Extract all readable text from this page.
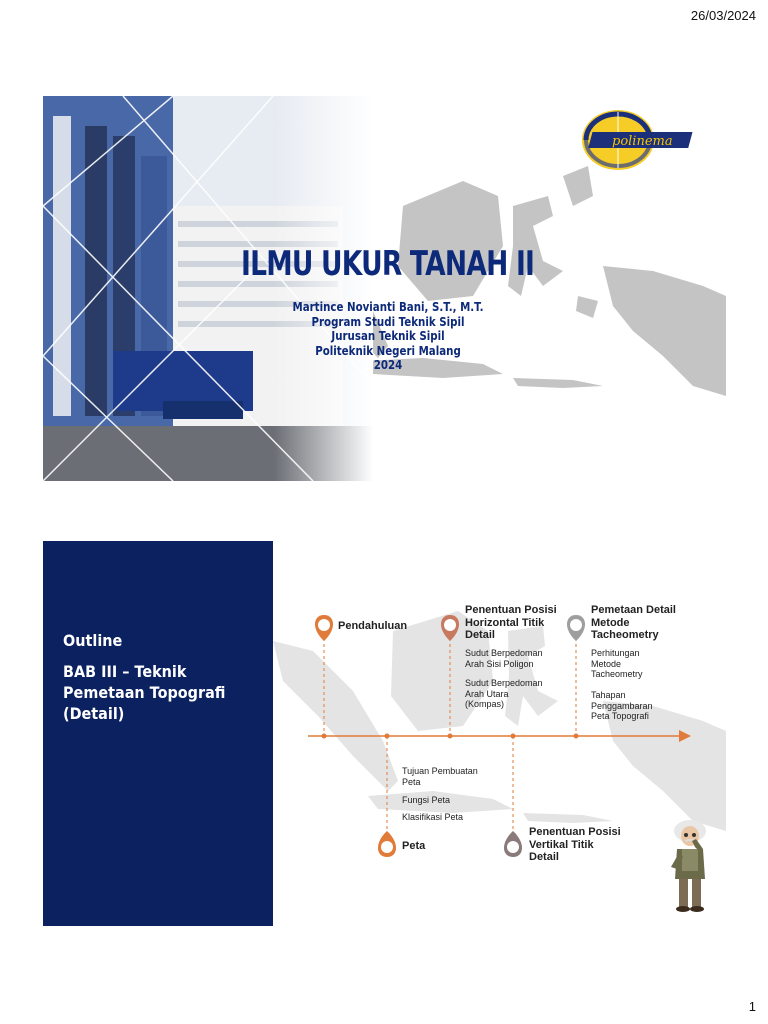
26/03/2024
polinema
ILMU UKUR TANAH II
Martince Novianti Bani, S.T., M.T.
Program Studi Teknik Sipil
Jurusan Teknik Sipil
Politeknik Negeri Malang
2024
Outline
BAB III – Teknik
Pemetaan Topografi
(Detail)
Pendahuluan
Penentuan Posisi
Horizontal Titik
Detail
Sudut Berpedoman
Arah Sisi Poligon
Sudut Berpedoman
Arah Utara
(Kompas)
Pemetaan Detail
Metode
Tacheometry
Perhitungan
Metode
Tacheometry
Tahapan
Penggambaran
Peta Topografi
Tujuan Pembuatan
Peta
Fungsi Peta
Klasifikasi Peta
Peta
Penentuan Posisi
Vertikal Titik
Detail
1
